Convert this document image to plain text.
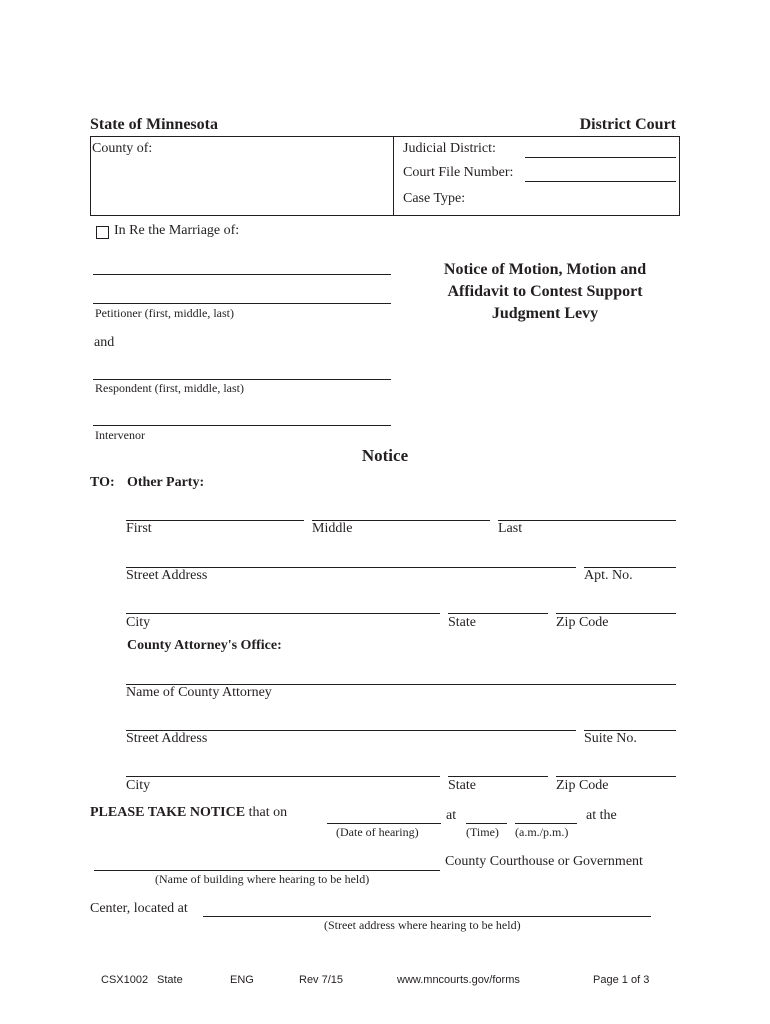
State of Minnesota	District Court
County of:	Judicial District:
Court File Number:
Case Type:
In Re the Marriage of:
Petitioner (first, middle, last)
and
Respondent (first, middle, last)
Intervenor
Notice of Motion, Motion and
Affidavit to Contest Support
Judgment Levy
Notice
TO: Other Party:
First	Middle	Last
Street Address	Apt. No.
City	State	Zip Code
County Attorney's Office:
Name of County Attorney
Street Address	Suite No.
City	State	Zip Code
PLEASE TAKE NOTICE that on	at	at the
(Date of hearing)	(Time) (a.m./p.m.)
County Courthouse or Government
(Name of building where hearing to be held)
Center, located at
(Street address where hearing to be held)
CSX1002 State	ENG	Rev 7/15	www.mncourts.gov/forms	Page 1 of 3
